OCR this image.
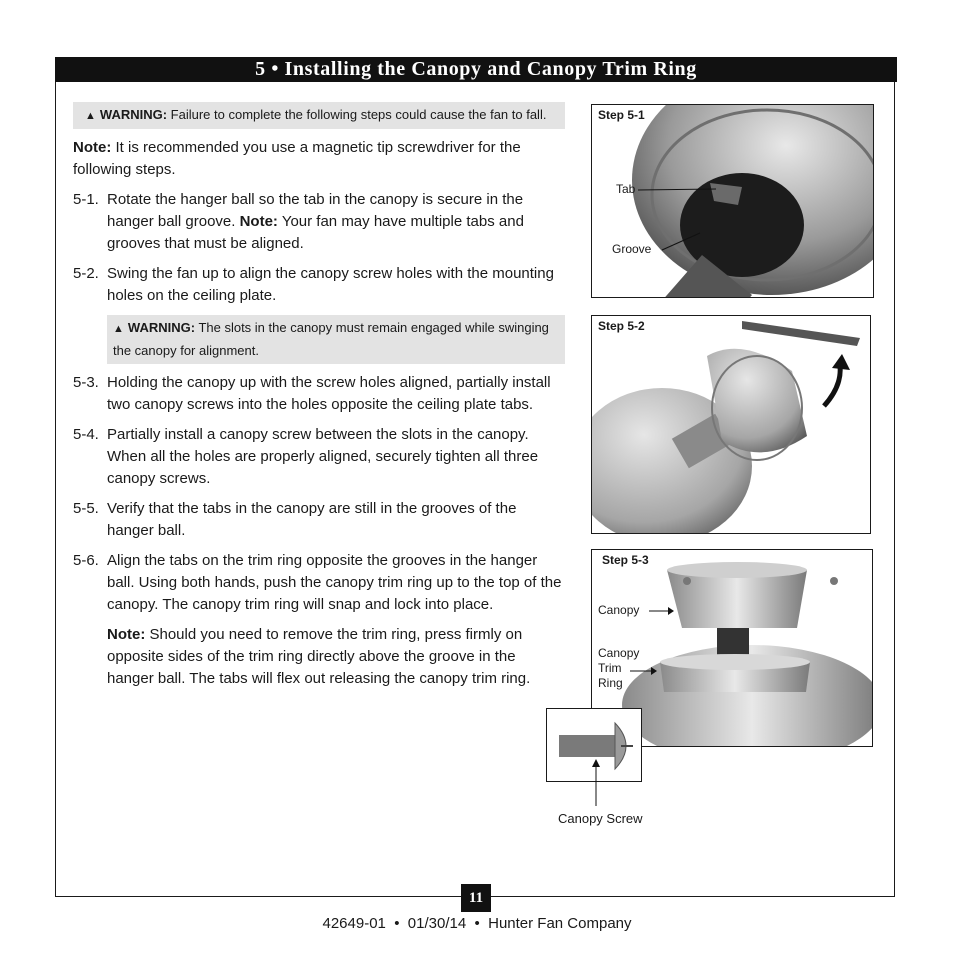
5 • Installing the Canopy and Canopy Trim Ring
▲ WARNING: Failure to complete the following steps could cause the fan to fall.

Note: It is recommended you use a magnetic tip screwdriver for the following steps.

5-1. Rotate the hanger ball so the tab in the canopy is secure in the hanger ball groove. Note: Your fan may have multiple tabs and grooves that must be aligned.
5-2. Swing the fan up to align the canopy screw holes with the mounting holes on the ceiling plate.
▲ WARNING: The slots in the canopy must remain engaged while swinging the canopy for alignment.
5-3. Holding the canopy up with the screw holes aligned, partially install two canopy screws into the holes opposite the ceiling plate tabs.
5-4. Partially install a canopy screw between the slots in the canopy. When all the holes are properly aligned, securely tighten all three canopy screws.
5-5. Verify that the tabs in the canopy are still in the grooves of the hanger ball.
5-6. Align the tabs on the trim ring opposite the grooves in the hanger ball. Using both hands, push the canopy trim ring up to the top of the canopy. The canopy trim ring will snap and lock into place.

Note: Should you need to remove the trim ring, press firmly on opposite sides of the trim ring directly above the groove in the hanger ball. The tabs will flex out releasing the canopy trim ring.

Step 5-1
Tab
Groove
Step 5-2
Step 5-3
Canopy
Canopy
Trim
Ring
Canopy Screw
11
42649-01  •  01/30/14  •  Hunter Fan Company
